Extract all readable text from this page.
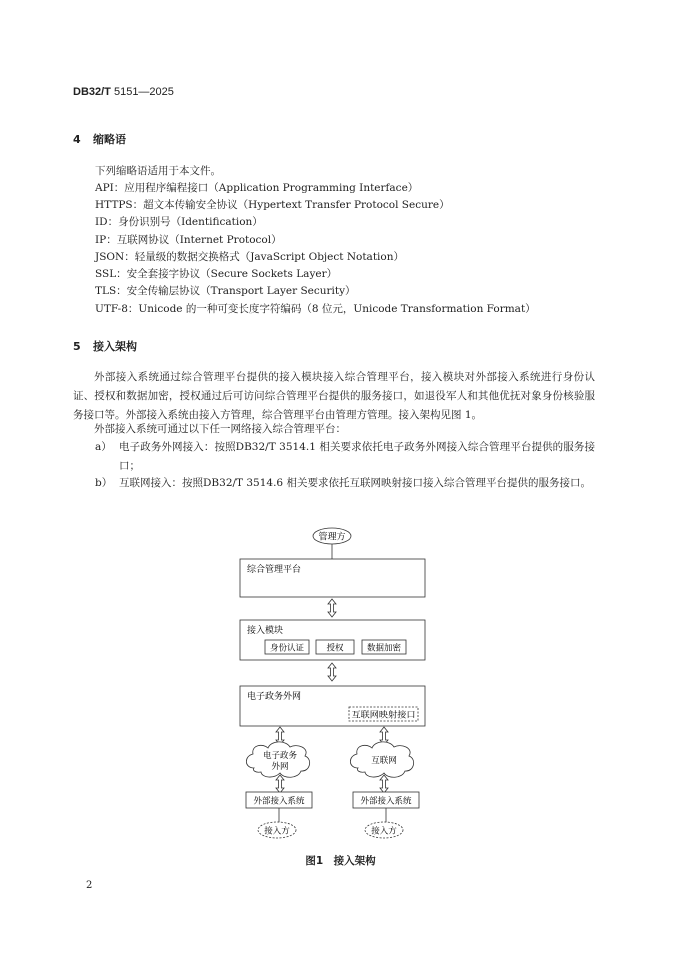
DB32/T 5151—2025
4 缩略语
下列缩略语适用于本文件。
API：应用程序编程接口（Application Programming Interface）
HTTPS：超文本传输安全协议（Hypertext Transfer Protocol Secure）
ID：身份识别号（Identification）
IP：互联网协议（Internet Protocol）
JSON：轻量级的数据交换格式（JavaScript Object Notation）
SSL：安全套接字协议（Secure Sockets Layer）
TLS：安全传输层协议（Transport Layer Security）
UTF-8：Unicode 的一种可变长度字符编码（8 位元，Unicode Transformation Format）
5 接入架构
外部接入系统通过综合管理平台提供的接入模块接入综合管理平台，接入模块对外部接入系统进行身份认证、授权和数据加密，授权通过后可访问综合管理平台提供的服务接口，如退役军人和其他优抚对象身份核验服务接口等。外部接入系统由接入方管理，综合管理平台由管理方管理。接入架构见图 1。
外部接入系统可通过以下任一网络接入综合管理平台：
a） 电子政务外网接入：按照DB32/T 3514.1 相关要求依托电子政务外网接入综合管理平台提供的服务接口；
b） 互联网接入：按照DB32/T 3514.6 相关要求依托互联网映射接口接入综合管理平台提供的服务接口。
管理方
综合管理平台
接入模块
身份认证	授权	数据加密
电子政务外网
互联网映射接口
电子政务
外网
互联网
外部接入系统	外部接入系统
接入方	接入方
图1　接入架构
2
